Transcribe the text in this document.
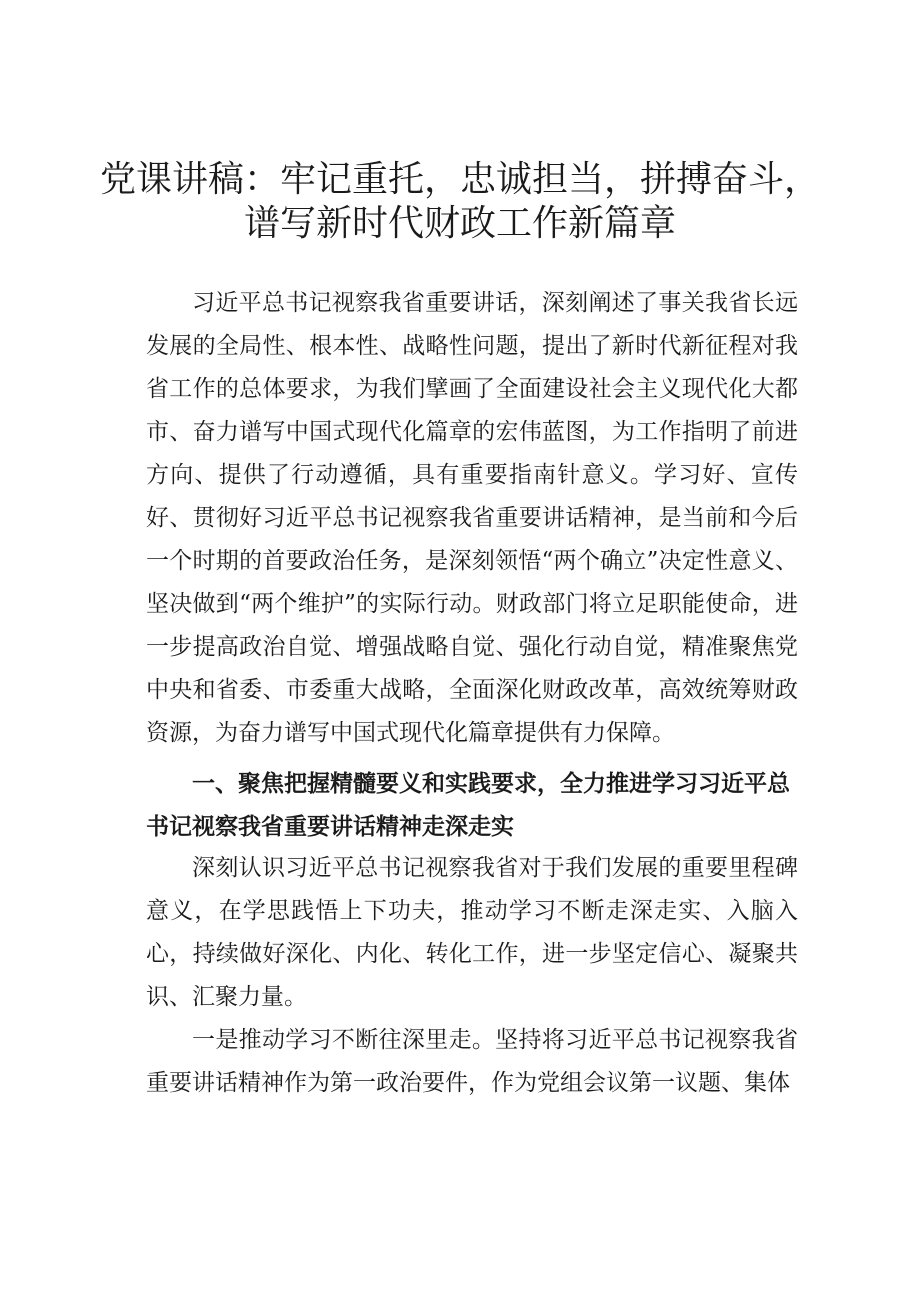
党课讲稿：牢记重托，忠诚担当，拼搏奋斗，
谱写新时代财政工作新篇章

习近平总书记视察我省重要讲话，深刻阐述了事关我省长远发展的全局性、根本性、战略性问题，提出了新时代新征程对我省工作的总体要求，为我们擘画了全面建设社会主义现代化大都市、奋力谱写中国式现代化篇章的宏伟蓝图，为工作指明了前进方向、提供了行动遵循，具有重要指南针意义。学习好、宣传好、贯彻好习近平总书记视察我省重要讲话精神，是当前和今后一个时期的首要政治任务，是深刻领悟“两个确立”决定性意义、坚决做到“两个维护”的实际行动。财政部门将立足职能使命，进一步提高政治自觉、增强战略自觉、强化行动自觉，精准聚焦党中央和省委、市委重大战略，全面深化财政改革，高效统筹财政资源，为奋力谱写中国式现代化篇章提供有力保障。

一、聚焦把握精髓要义和实践要求，全力推进学习习近平总书记视察我省重要讲话精神走深走实

深刻认识习近平总书记视察我省对于我们发展的重要里程碑意义，在学思践悟上下功夫，推动学习不断走深走实、入脑入心，持续做好深化、内化、转化工作，进一步坚定信心、凝聚共识、汇聚力量。

一是推动学习不断往深里走。坚持将习近平总书记视察我省重要讲话精神作为第一政治要件，作为党组会议第一议题、集体
